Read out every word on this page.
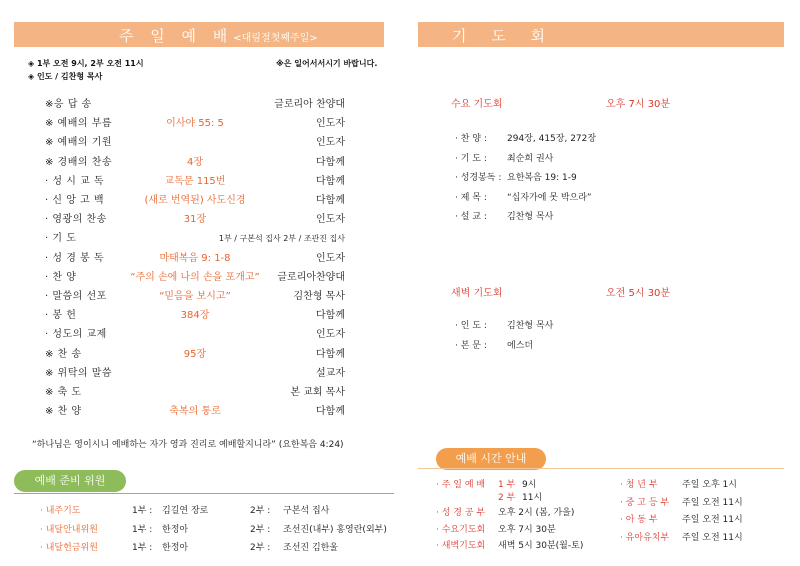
주 일 예 배<대림절첫째주일>
◈ 1부 오전 9시, 2부 오전 11시	※은 일어서서시기 바랍니다.
◈ 인도 / 김찬형 목사
※응 답 송	글로리아 찬양대
※ 예배의 부름	이사야 55: 5	인도자
※ 예배의 기원	인도자
※ 경배의 찬송	4장	다함께
· 성 시 교 독	교독문 115번	다함께
· 신 앙 고 백	(새로 번역된) 사도신경	다함께
· 영광의 찬송	31장	인도자
· 기 도	1부 / 구본석 집사 2부 / 조관진 집사
· 성 경 봉 독	마태복음 9: 1-8	인도자
· 찬 양	“주의 손에 나의 손을 포개고”	글로리아찬양대
· 말씀의 선포	“믿음을 보시고”	김찬형 목사
· 봉 헌	384장	다함께
· 성도의 교제	인도자
※ 찬 송	95장	다함께
※ 위탁의 말씀	설교자
※ 축 도	본 교회 목사
※ 찬 양	축복의 통로	다함께
“하나님은 영이시니 예배하는 자가 영과 진리로 예배할지니라” (요한복음 4:24)
예배 준비 위원
· 내주기도	1부 : 김길연 장로	2부 : 구본석 집사
· 내달안내위원	1부 : 한정아	2부 : 조선진(내부) 홍영란(외부)
· 내달헌금위원	1부 : 한정아	2부 : 조선진 김한울
기 도 회
수요 기도회	오후 7시 30분
· 찬 양 : 294장, 415장, 272장
· 기 도 : 최순희 권사
· 성경봉독 : 요한복음 19: 1-9
· 제 목 : “십자가에 못 박으라”
· 설 교 : 김찬형 목사
새벽 기도회	오전 5시 30분
· 인 도 : 김찬형 목사
· 본 문 : 에스더
예배 시간 안내
· 주 일 예 배 1 부 9시
2 부 11시
· 성 경 공 부 오후 2시 (봄, 가을)
· 수요기도회 오후 7시 30분
· 새벽기도회 새벽 5시 30분(월-토)
· 청 년 부	주일 오후 1시
· 중 고 등 부 주일 오전 11시
· 아 동 부	주일 오전 11시
· 유아유치부 주일 오전 11시
